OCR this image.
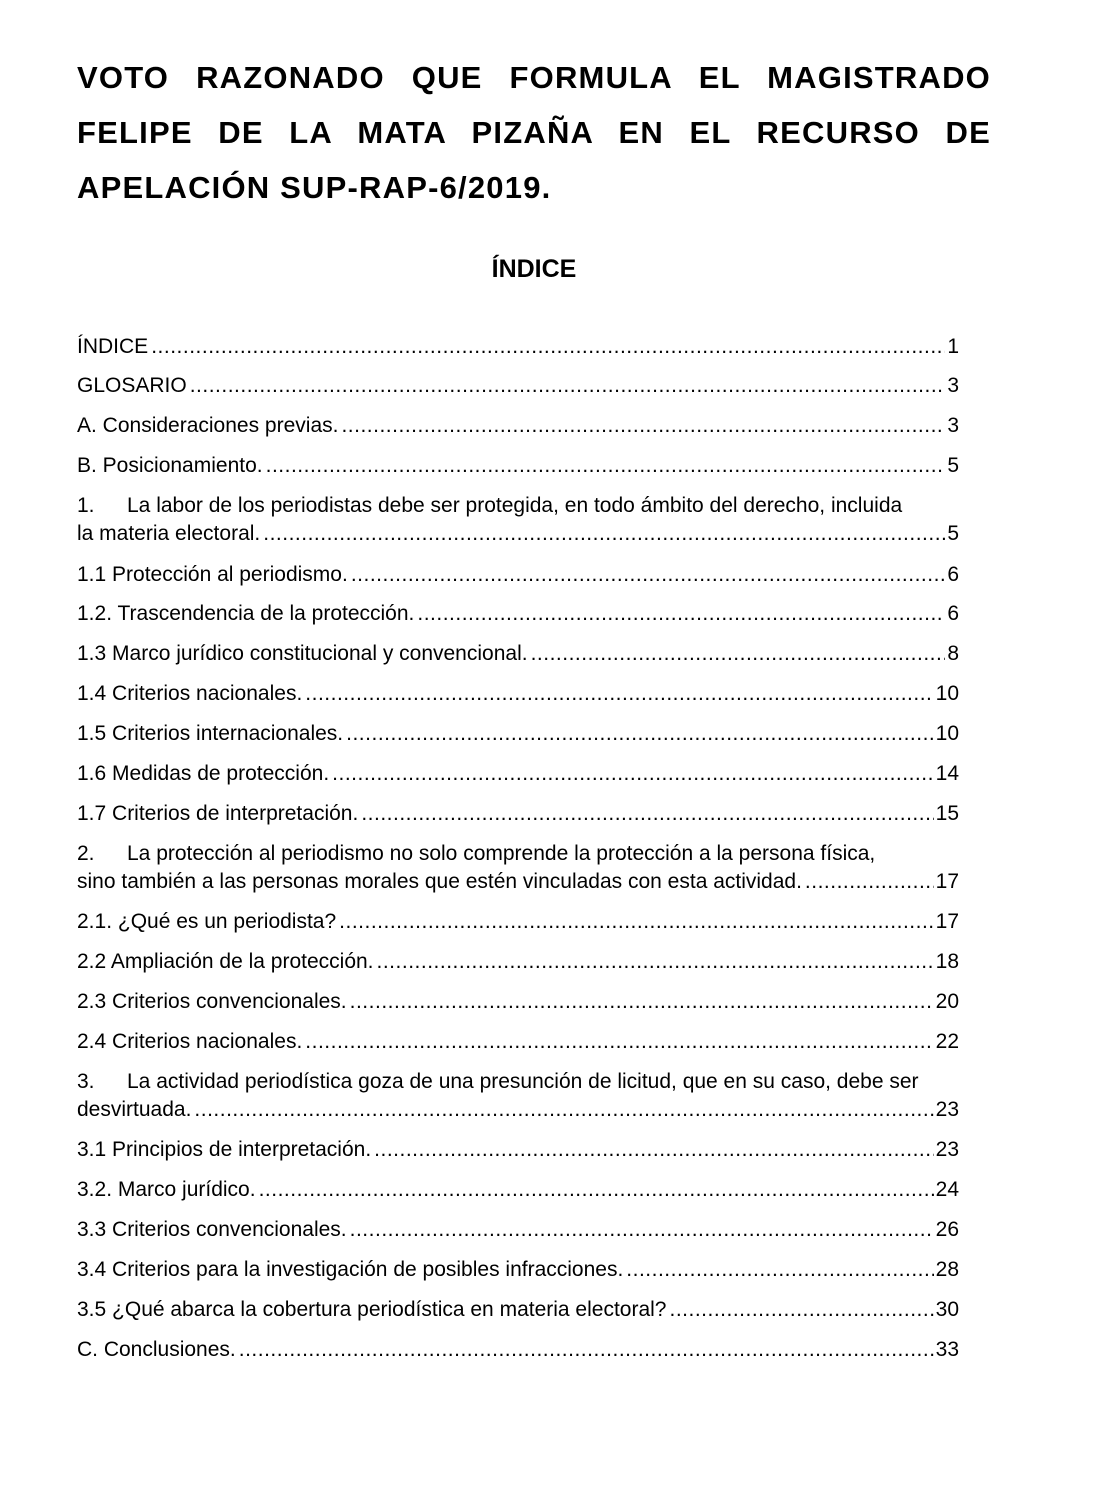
VOTO RAZONADO QUE FORMULA EL MAGISTRADO
FELIPE DE LA MATA PIZAÑA EN EL RECURSO DE
APELACIÓN SUP-RAP-6/2019.
ÍNDICE
ÍNDICE .....	1
GLOSARIO .....	3
A. Consideraciones previas. .....	3
B. Posicionamiento. .....	5
1. La labor de los periodistas debe ser protegida, en todo ámbito del derecho, incluida
la materia electoral. .....	5
1.1 Protección al periodismo. .....	6
1.2. Trascendencia de la protección. .....	6
1.3 Marco jurídico constitucional y convencional. .....	8
1.4 Criterios nacionales. .....	10
1.5 Criterios internacionales. .....	10
1.6 Medidas de protección. .....	14
1.7 Criterios de interpretación. .....	15
2. La protección al periodismo no solo comprende la protección a la persona física,
sino también a las personas morales que estén vinculadas con esta actividad. .....	17
2.1. ¿Qué es un periodista? .....	17
2.2 Ampliación de la protección. .....	18
2.3 Criterios convencionales. .....	20
2.4 Criterios nacionales. .....	22
3. La actividad periodística goza de una presunción de licitud, que en su caso, debe ser
desvirtuada. .....	23
3.1 Principios de interpretación. .....	23
3.2. Marco jurídico. .....	24
3.3 Criterios convencionales. .....	26
3.4 Criterios para la investigación de posibles infracciones. .....	28
3.5 ¿Qué abarca la cobertura periodística en materia electoral? .....	30
C. Conclusiones. .....	33
